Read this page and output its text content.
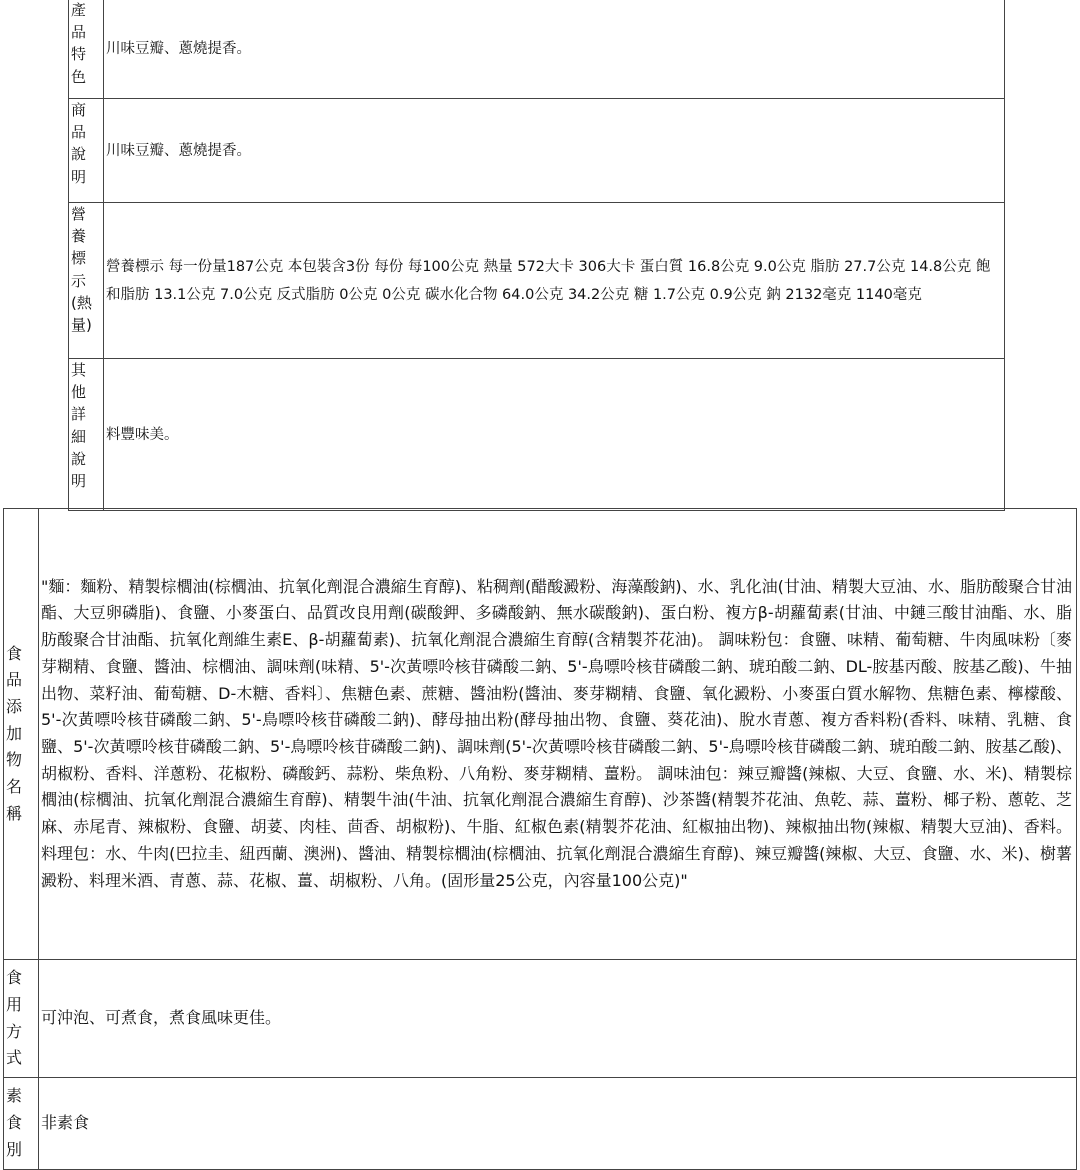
產品特色	川味豆瓣、蔥燒提香。

商品說明	川味豆瓣、蔥燒提香。

營養標示(熱量)	營養標示 每一份量187公克 本包裝含3份 每份 每100公克 熱量 572大卡 306大卡 蛋白質 16.8公克 9.0公克 脂肪 27.7公克 14.8公克 飽和脂肪 13.1公克 7.0公克 反式脂肪 0公克 0公克 碳水化合物 64.0公克 34.2公克 糖 1.7公克 0.9公克 鈉 2132毫克 1140毫克

其他詳細說明	料豐味美。
食品添加物名稱	"麵：麵粉、精製棕櫚油(棕櫚油、抗氧化劑混合濃縮生育醇)、粘稠劑(醋酸澱粉、海藻酸鈉)、水、乳化油(甘油、精製大豆油、水、脂肪酸聚合甘油酯、大豆卵磷脂)、食鹽、小麥蛋白、品質改良用劑(碳酸鉀、多磷酸鈉、無水碳酸鈉)、蛋白粉、複方β-胡蘿蔔素(甘油、中鏈三酸甘油酯、水、脂肪酸聚合甘油酯、抗氧化劑維生素E、β-胡蘿蔔素)、抗氧化劑混合濃縮生育醇(含精製芥花油)。 調味粉包：食鹽、味精、葡萄糖、牛肉風味粉〔麥芽糊精、食鹽、醬油、棕櫚油、調味劑(味精、5'-次黃嘌呤核苷磷酸二鈉、5'-鳥嘌呤核苷磷酸二鈉、琥珀酸二鈉、DL-胺基丙酸、胺基乙酸)、牛抽出物、菜籽油、葡萄糖、D-木糖、香料〕、焦糖色素、蔗糖、醬油粉(醬油、麥芽糊精、食鹽、氧化澱粉、小麥蛋白質水解物、焦糖色素、檸檬酸、5'-次黃嘌呤核苷磷酸二鈉、5'-鳥嘌呤核苷磷酸二鈉)、酵母抽出粉(酵母抽出物、食鹽、葵花油)、脫水青蔥、複方香料粉(香料、味精、乳糖、食鹽、5'-次黃嘌呤核苷磷酸二鈉、5'-鳥嘌呤核苷磷酸二鈉)、調味劑(5'-次黃嘌呤核苷磷酸二鈉、5'-鳥嘌呤核苷磷酸二鈉、琥珀酸二鈉、胺基乙酸)、胡椒粉、香料、洋蔥粉、花椒粉、磷酸鈣、蒜粉、柴魚粉、八角粉、麥芽糊精、薑粉。 調味油包：辣豆瓣醬(辣椒、大豆、食鹽、水、米)、精製棕櫚油(棕櫚油、抗氧化劑混合濃縮生育醇)、精製牛油(牛油、抗氧化劑混合濃縮生育醇)、沙茶醬(精製芥花油、魚乾、蒜、薑粉、椰子粉、蔥乾、芝麻、赤尾青、辣椒粉、食鹽、胡荽、肉桂、茴香、胡椒粉)、牛脂、紅椒色素(精製芥花油、紅椒抽出物)、辣椒抽出物(辣椒、精製大豆油)、香料。 料理包：水、牛肉(巴拉圭、紐西蘭、澳洲)、醬油、精製棕櫚油(棕櫚油、抗氧化劑混合濃縮生育醇)、辣豆瓣醬(辣椒、大豆、食鹽、水、米)、樹薯澱粉、料理米酒、青蔥、蒜、花椒、薑、胡椒粉、八角。(固形量25公克，內容量100公克)"

食用方式	可沖泡、可煮食，煮食風味更佳。

素食別	非素食
